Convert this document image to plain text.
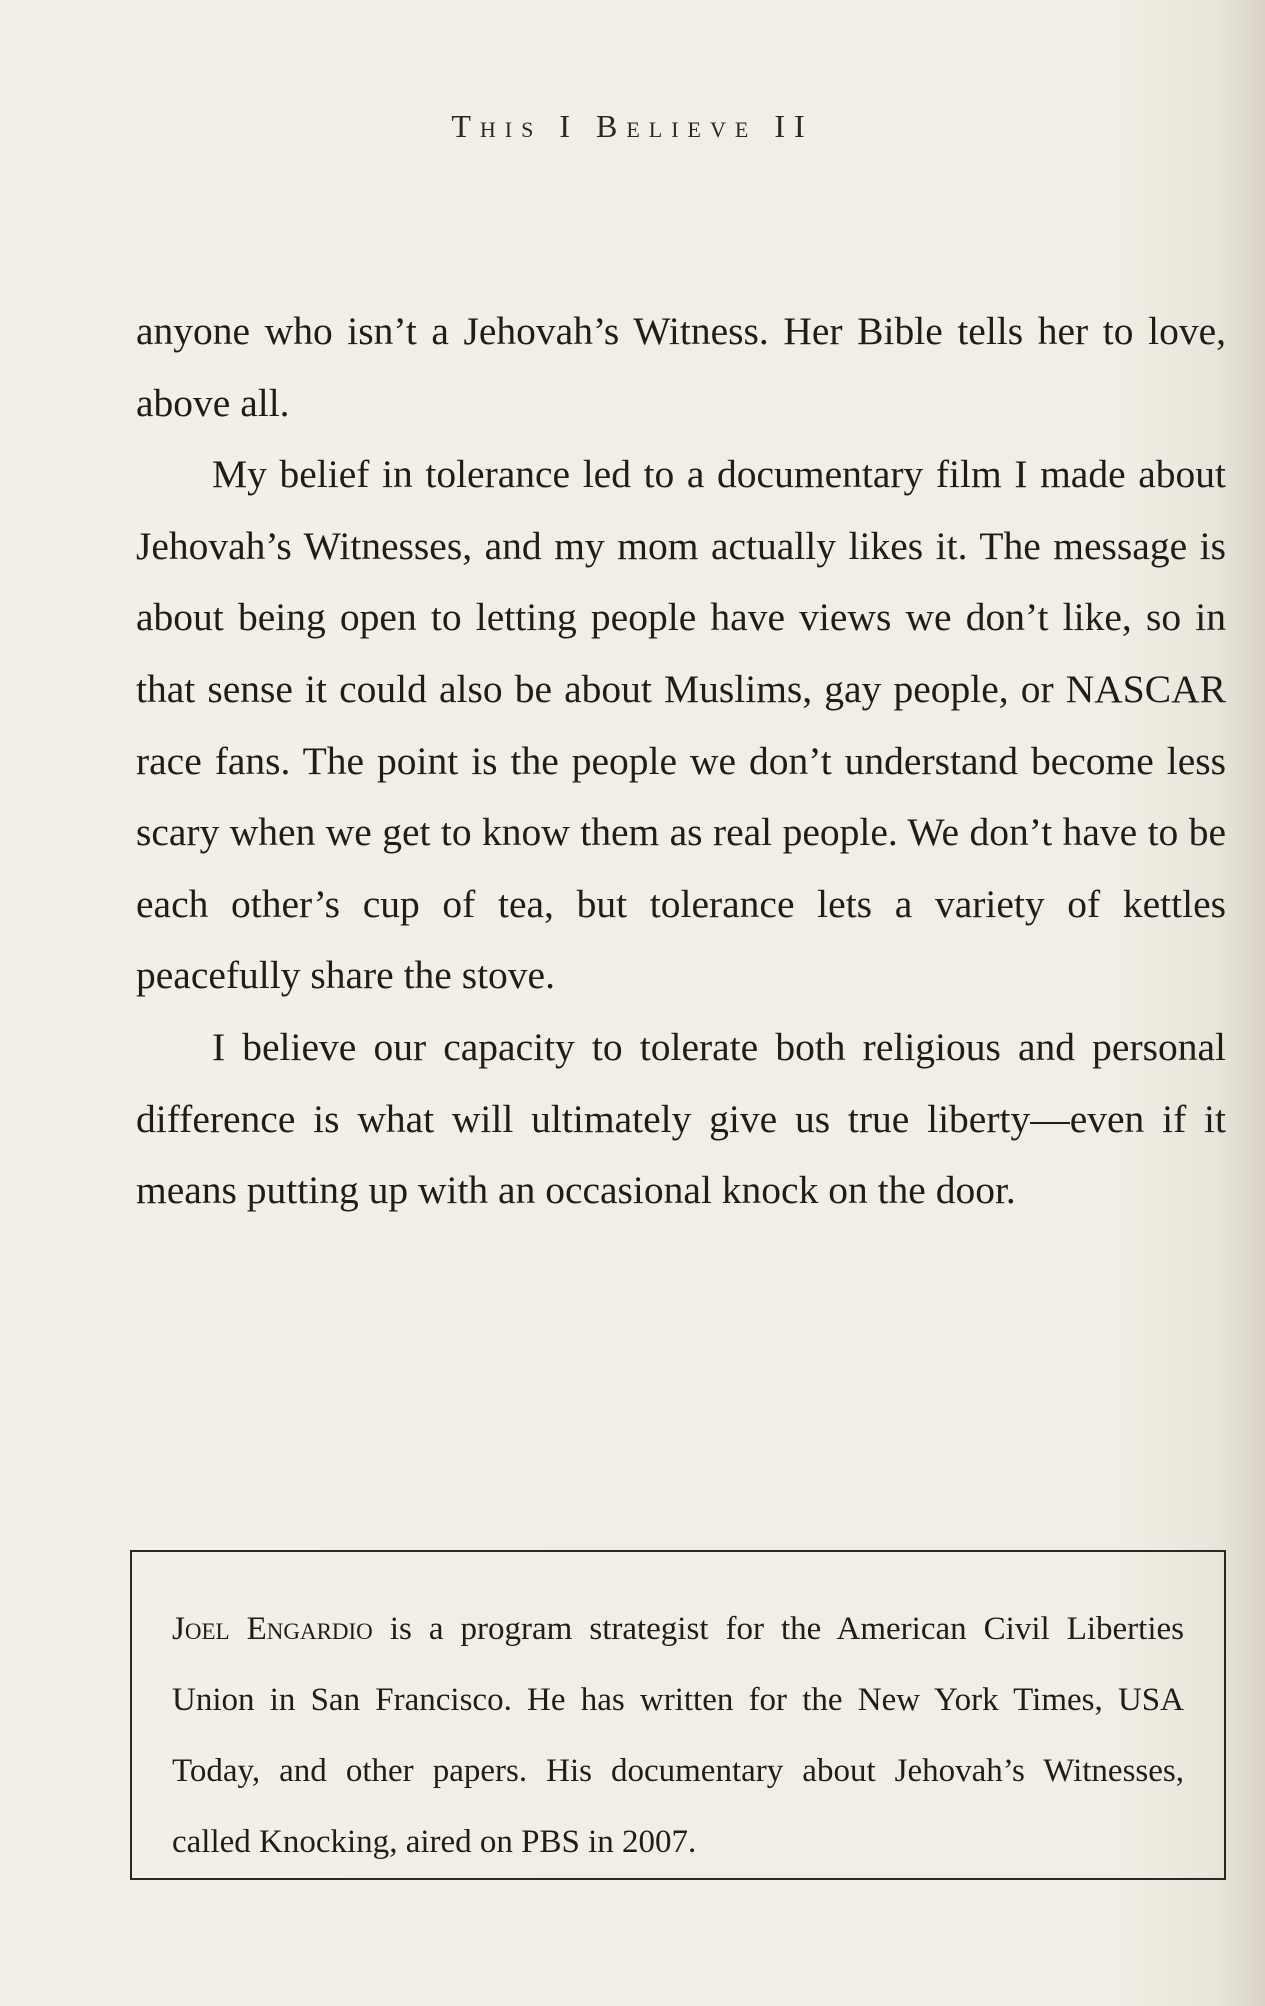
This I Believe II

anyone who isn’t a Jehovah’s Witness. Her Bible tells her to love, above all.

My belief in tolerance led to a documentary film I made about Jehovah’s Witnesses, and my mom actually likes it. The message is about being open to letting people have views we don’t like, so in that sense it could also be about Muslims, gay people, or NASCAR race fans. The point is the people we don’t understand become less scary when we get to know them as real people. We don’t have to be each other’s cup of tea, but tolerance lets a variety of kettles peacefully share the stove.

I believe our capacity to tolerate both religious and personal difference is what will ultimately give us true liberty—even if it means putting up with an occasional knock on the door.

Joel Engardio is a program strategist for the American Civil Liberties Union in San Francisco. He has written for the New York Times, USA Today, and other papers. His documentary about Jehovah’s Witnesses, called Knocking, aired on PBS in 2007.
